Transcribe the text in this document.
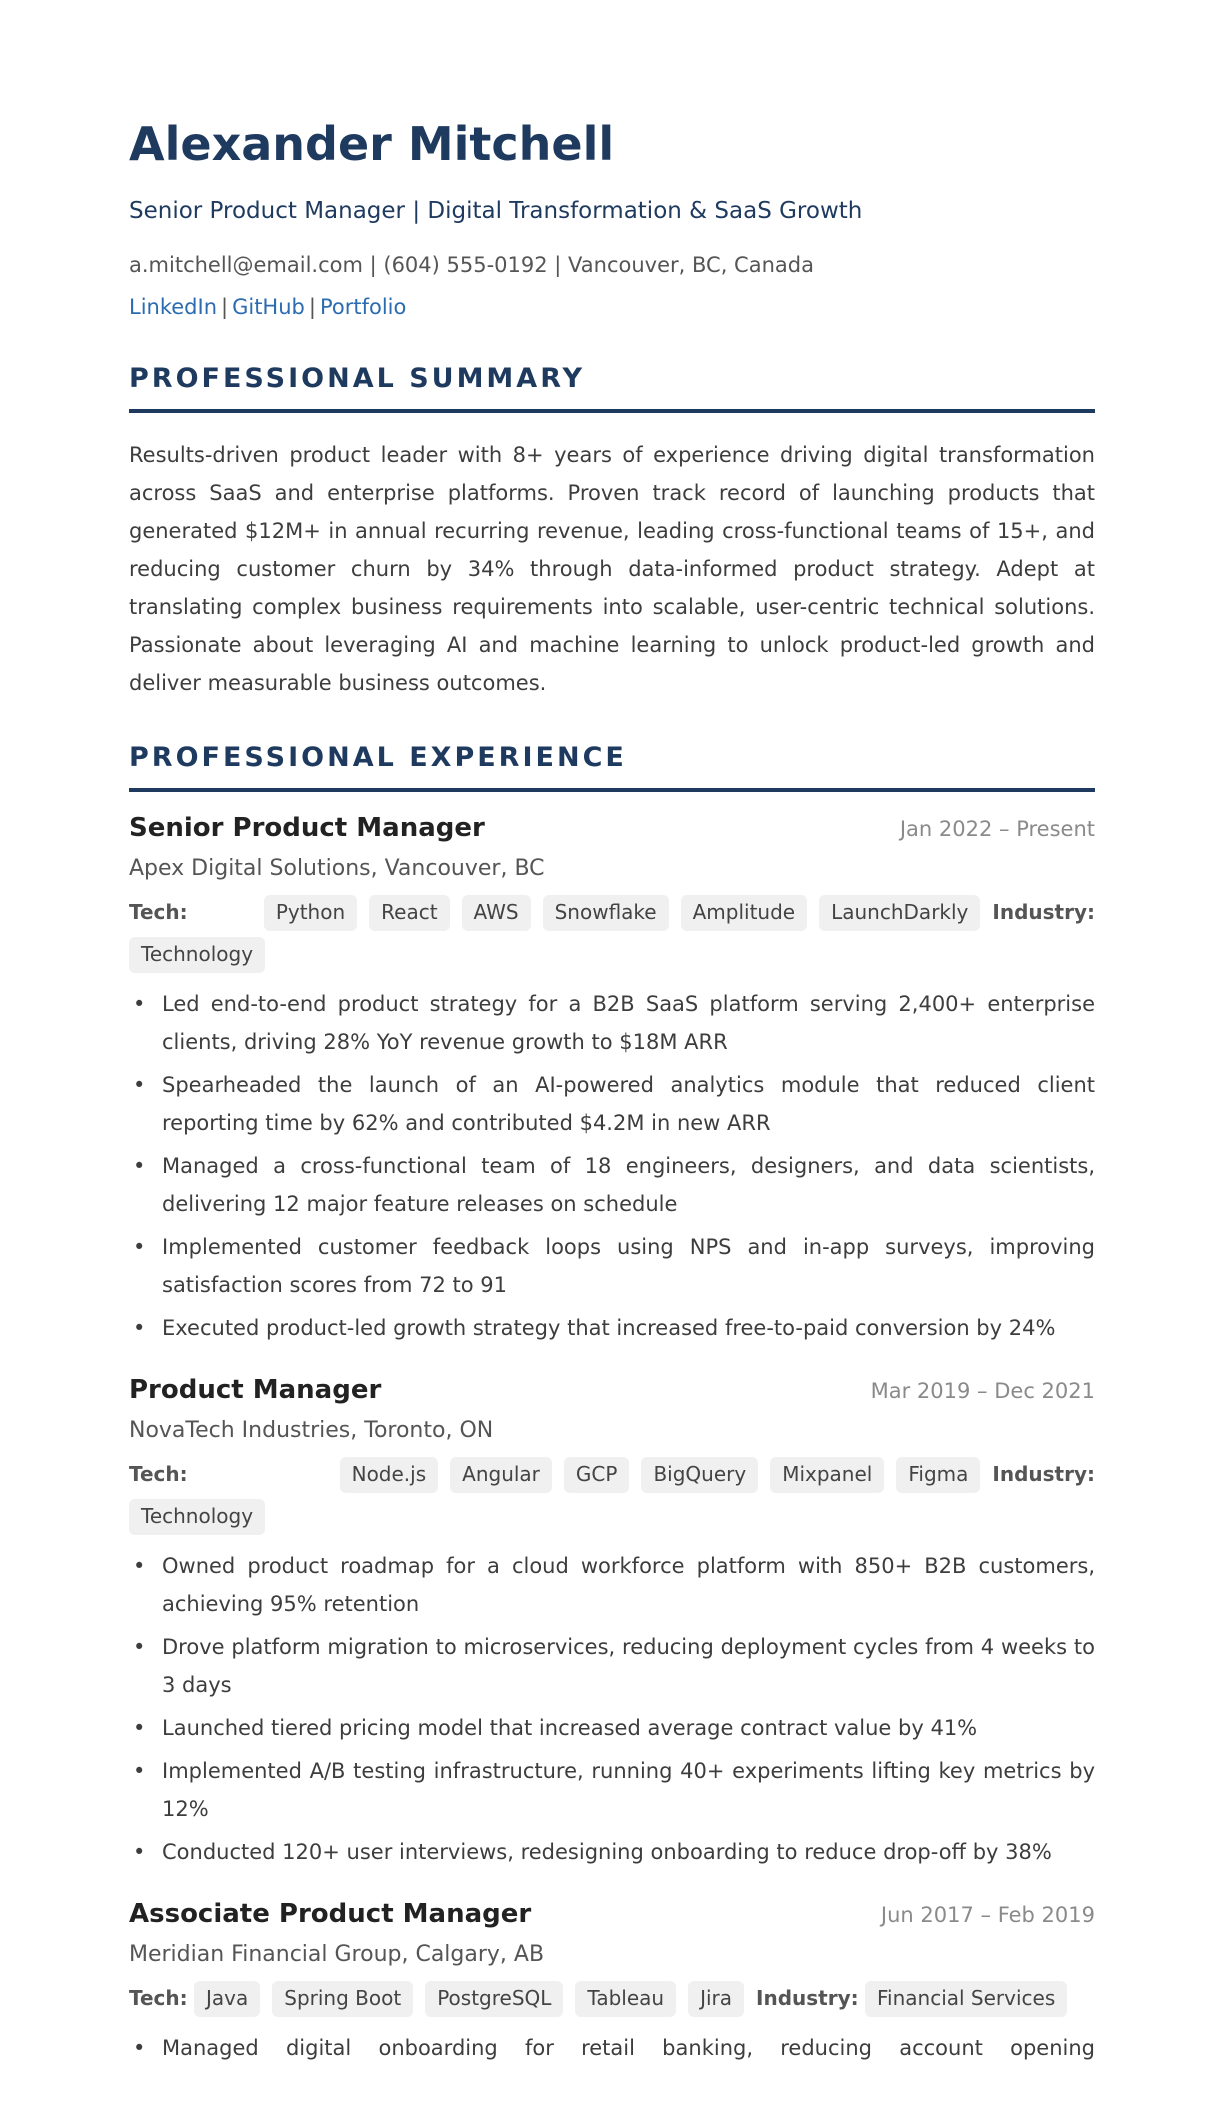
Alexander Mitchell
Senior Product Manager | Digital Transformation & SaaS Growth
a.mitchell@email.com | (604) 555-0192 | Vancouver, BC, Canada
LinkedIn | GitHub | Portfolio
PROFESSIONAL SUMMARY

Results-driven product leader with 8+ years of experience driving digital transformation across SaaS and enterprise platforms. Proven track record of launching products that generated $12M+ in annual recurring revenue, leading cross-functional teams of 15+, and reducing customer churn by 34% through data-informed product strategy. Adept at translating complex business requirements into scalable, user-centric technical solutions. Passionate about leveraging AI and machine learning to unlock product-led growth and deliver measurable business outcomes.

PROFESSIONAL EXPERIENCE
Senior Product Manager	Jan 2022 – Present
Apex Digital Solutions, Vancouver, BC
Tech:	Python React AWS Snowflake Amplitude LaunchDarkly Industry:
Technology
• Led end-to-end product strategy for a B2B SaaS platform serving 2,400+ enterprise clients, driving 28% YoY revenue growth to $18M ARR
• Spearheaded the launch of an AI-powered analytics module that reduced client reporting time by 62% and contributed $4.2M in new ARR
• Managed a cross-functional team of 18 engineers, designers, and data scientists, delivering 12 major feature releases on schedule
• Implemented customer feedback loops using NPS and in-app surveys, improving satisfaction scores from 72 to 91
• Executed product-led growth strategy that increased free-to-paid conversion by 24%
Product Manager	Mar 2019 – Dec 2021
NovaTech Industries, Toronto, ON
Tech:	Node.js Angular GCP BigQuery Mixpanel Figma Industry:
Technology
• Owned product roadmap for a cloud workforce platform with 850+ B2B customers, achieving 95% retention
• Drove platform migration to microservices, reducing deployment cycles from 4 weeks to 3 days
• Launched tiered pricing model that increased average contract value by 41%
• Implemented A/B testing infrastructure, running 40+ experiments lifting key metrics by 12%
• Conducted 120+ user interviews, redesigning onboarding to reduce drop-off by 38%
Associate Product Manager	Jun 2017 – Feb 2019
Meridian Financial Group, Calgary, AB
Tech: Java Spring Boot PostgreSQL Tableau Jira Industry: Financial Services
• Managed digital onboarding for retail banking, reducing account opening
